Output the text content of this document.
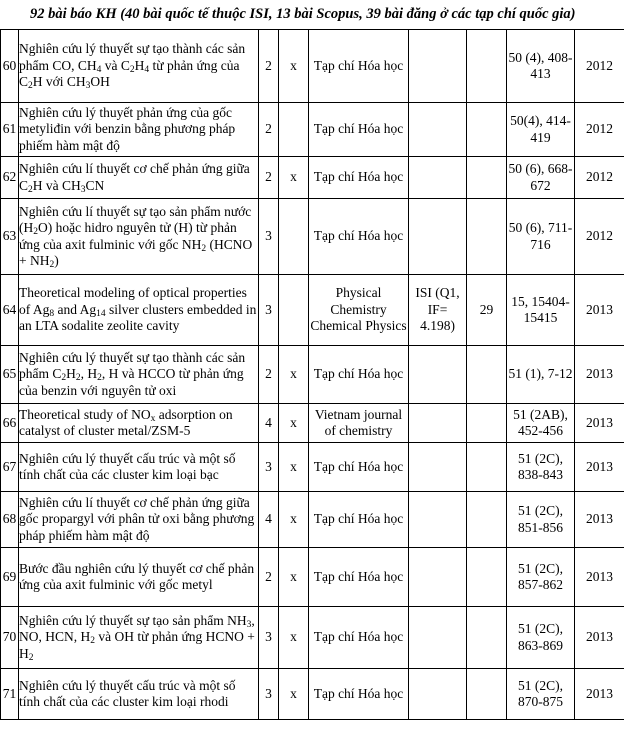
92 bài báo KH (40 bài quốc tế thuộc ISI, 13 bài Scopus, 39 bài đăng ở các tạp chí quốc gia)
60	Nghiên cứu lý thuyết sự tạo thành các sản phẩm CO, $CH_4$ và $C_2H_4$ từ phản ứng của $C_2H$ với $CH_3OH$	2	x	Tạp chí Hóa học			50 (4), 408-413	2012
61	Nghiên cứu lý thuyết phản ứng của gốc metyliđin với benzin bằng phương pháp phiếm hàm mật độ	2		Tạp chí Hóa học			50(4), 414-419	2012
62	Nghiên cứu lí thuyết cơ chế phản ứng giữa $C_2H$ và $CH_3CN$	2	x	Tạp chí Hóa học			50 (6), 668-672	2012
63	Nghiên cứu lí thuyết sự tạo sản phẩm nước $(H_2O)$ hoặc hidro nguyên tử (H) từ phản ứng của axit fulminic với gốc $NH_2$ (HCNO + $NH_2$)	3		Tạp chí Hóa học			50 (6), 711-716	2012
64	Theoretical modeling of optical properties of $Ag_8$ and $Ag_{14}$ silver clusters embedded in an LTA sodalite zeolite cavity	3		Physical Chemistry Chemical Physics	ISI (Q1, IF= 4.198)	29	15, 15404-15415	2013
65	Nghiên cứu lý thuyết sự tạo thành các sản phẩm $C_2H_2$, $H_2$, H và HCCO từ phản ứng của benzin với nguyên tử oxi	2	x	Tạp chí Hóa học			51 (1), 7-12	2013
66	Theoretical study of $NO_x$ adsorption on catalyst of cluster metal/ZSM-5	4	x	Vietnam journal of chemistry			51 (2AB), 452-456	2013
67	Nghiên cứu lý thuyết cấu trúc và một số tính chất của các cluster kim loại bạc	3	x	Tạp chí Hóa học			51 (2C), 838-843	2013
68	Nghiên cứu lí thuyết cơ chế phản ứng giữa gốc propargyl với phân tử oxi bằng phương pháp phiếm hàm mật độ	4	x	Tạp chí Hóa học			51 (2C), 851-856	2013
69	Bước đầu nghiên cứu lý thuyết cơ chế phản ứng của axit fulminic với gốc metyl	2	x	Tạp chí Hóa học			51 (2C), 857-862	2013
70	Nghiên cứu lý thuyết sự tạo sản phẩm $NH_3$, NO, HCN, $H_2$ và OH từ phản ứng HCNO + $H_2$	3	x	Tạp chí Hóa học			51 (2C), 863-869	2013
71	Nghiên cứu lý thuyết cấu trúc và một số tính chất của các cluster kim loại rhodi	3	x	Tạp chí Hóa học			51 (2C), 870-875	2013
